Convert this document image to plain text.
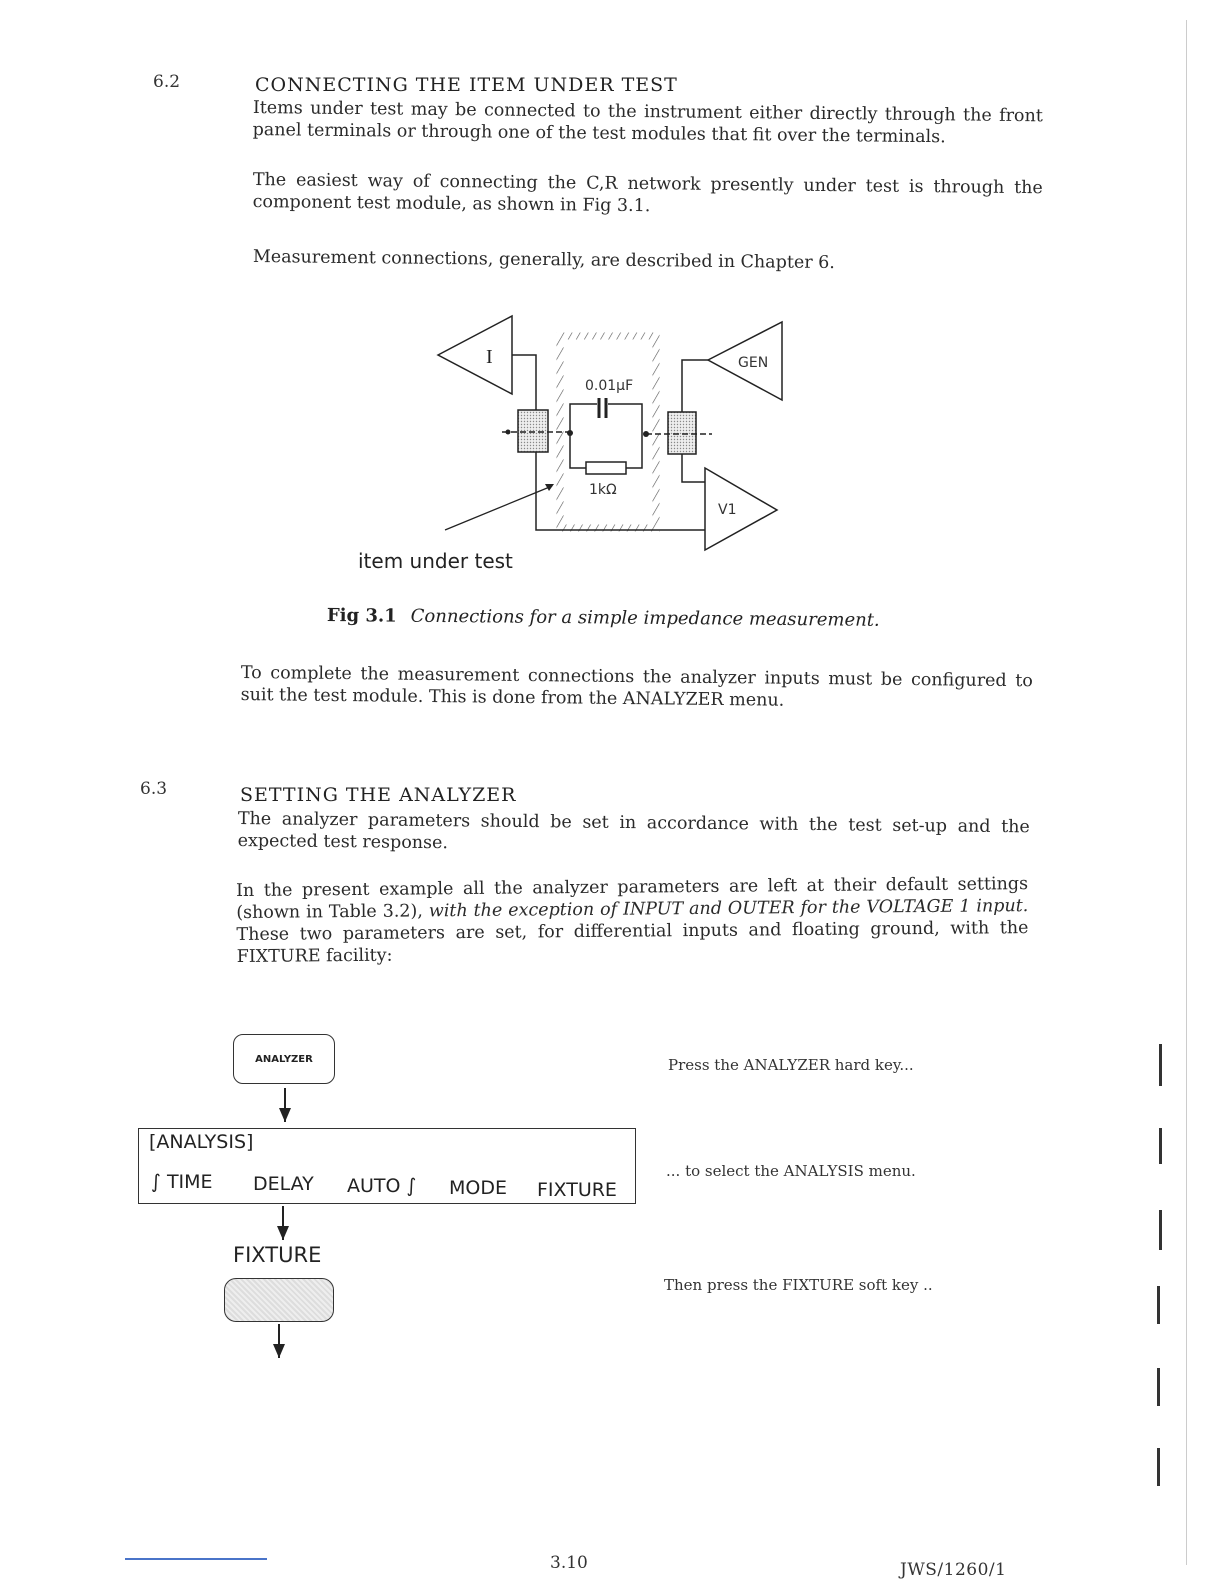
6.2	CONNECTING THE ITEM UNDER TEST
Items under test may be connected to the instrument either directly through the front panel terminals or through one of the test modules that fit over the terminals.
The easiest way of connecting the C,R network presently under test is through the component test module, as shown in Fig 3.1.
Measurement connections, generally, are described in Chapter 6.
I	GEN
V1
0.01μF
1kΩ
item under test
Fig 3.1 Connections for a simple impedance measurement.
To complete the measurement connections the analyzer inputs must be configured to suit the test module. This is done from the ANALYZER menu.
6.3	SETTING THE ANALYZER
The analyzer parameters should be set in accordance with the test set-up and the expected test response.
In the present example all the analyzer parameters are left at their default settings (shown in Table 3.2), with the exception of INPUT and OUTER for the VOLTAGE 1 input. These two parameters are set, for differential inputs and floating ground, with the FIXTURE facility:
ANALYZER
[ANALYSIS]
∫ TIME DELAY AUTO ∫ MODE FIXTURE
FIXTURE
Press the ANALYZER hard key...
... to select the ANALYSIS menu.
Then press the FIXTURE soft key ..
3.10	JWS/1260/1
